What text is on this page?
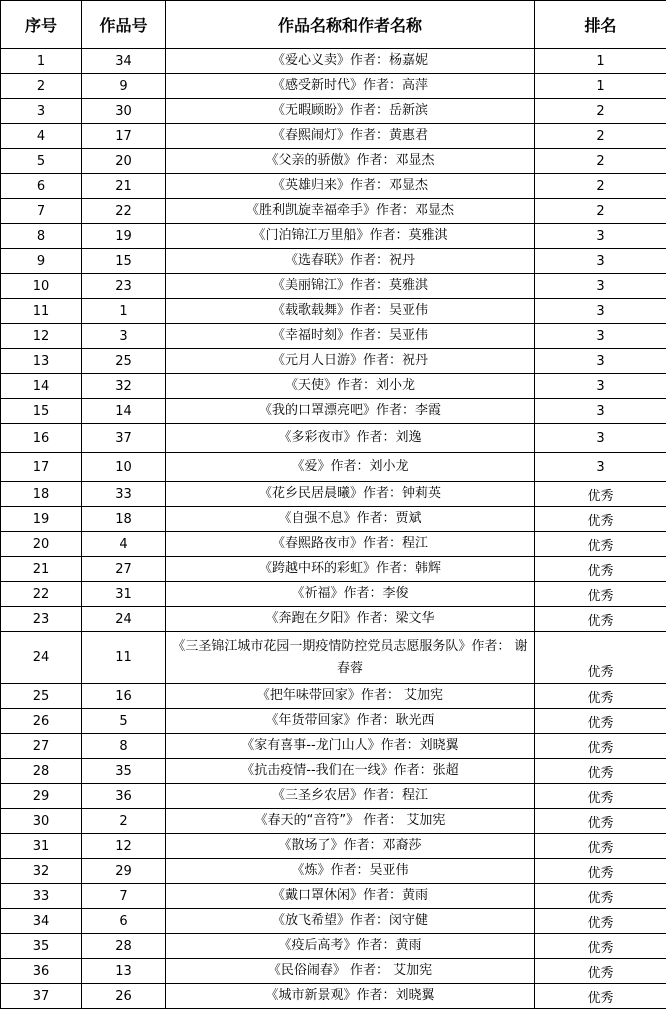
序号	作品号	作品名称和作者名称	排名
1	34	《爱心义卖》作者：杨嘉妮	1
2	9	《感受新时代》作者：高萍	1
3	30	《无暇顾盼》作者：岳新滨	2
4	17	《春熙闹灯》作者：黄惠君	2
5	20	《父亲的骄傲》作者：邓显杰	2
6	21	《英雄归来》作者：邓显杰	2
7	22	《胜利凯旋幸福牵手》作者：邓显杰	2
8	19	《门泊锦江万里船》作者：莫雅淇	3
9	15	《选春联》作者：祝丹	3
10	23	《美丽锦江》作者：莫雅淇	3
11	1	《载歌载舞》作者：吴亚伟	3
12	3	《幸福时刻》作者：吴亚伟	3
13	25	《元月人日游》作者：祝丹	3
14	32	《天使》作者：刘小龙	3
15	14	《我的口罩漂亮吧》作者：李霞	3
16	37	《多彩夜市》作者：刘逸	3
17	10	《爱》作者：刘小龙	3
18	33	《花乡民居晨曦》作者：钟莉英	优秀
19	18	《自强不息》作者：贾斌	优秀
20	4	《春熙路夜市》作者：程江	优秀
21	27	《跨越中环的彩虹》作者：韩辉	优秀
22	31	《祈福》作者：李俊	优秀
23	24	《奔跑在夕阳》作者：梁文华	优秀
24	11	《三圣锦江城市花园一期疫情防控党员志愿服务队》作者： 谢春蓉	优秀
25	16	《把年味带回家》作者： 艾加宪	优秀
26	5	《年货带回家》作者：耿光西	优秀
27	8	《家有喜事--龙门山人》作者：刘晓翼	优秀
28	35	《抗击疫情--我们在一线》作者：张超	优秀
29	36	《三圣乡农居》作者：程江	优秀
30	2	《春天的“音符”》 作者： 艾加宪	优秀
31	12	《散场了》作者：邓裔莎	优秀
32	29	《炼》作者：吴亚伟	优秀
33	7	《戴口罩休闲》作者：黄雨	优秀
34	6	《放飞希望》作者：闵守健	优秀
35	28	《疫后高考》作者：黄雨	优秀
36	13	《民俗闹春》 作者： 艾加宪	优秀
37	26	《城市新景观》作者：刘晓翼	优秀
